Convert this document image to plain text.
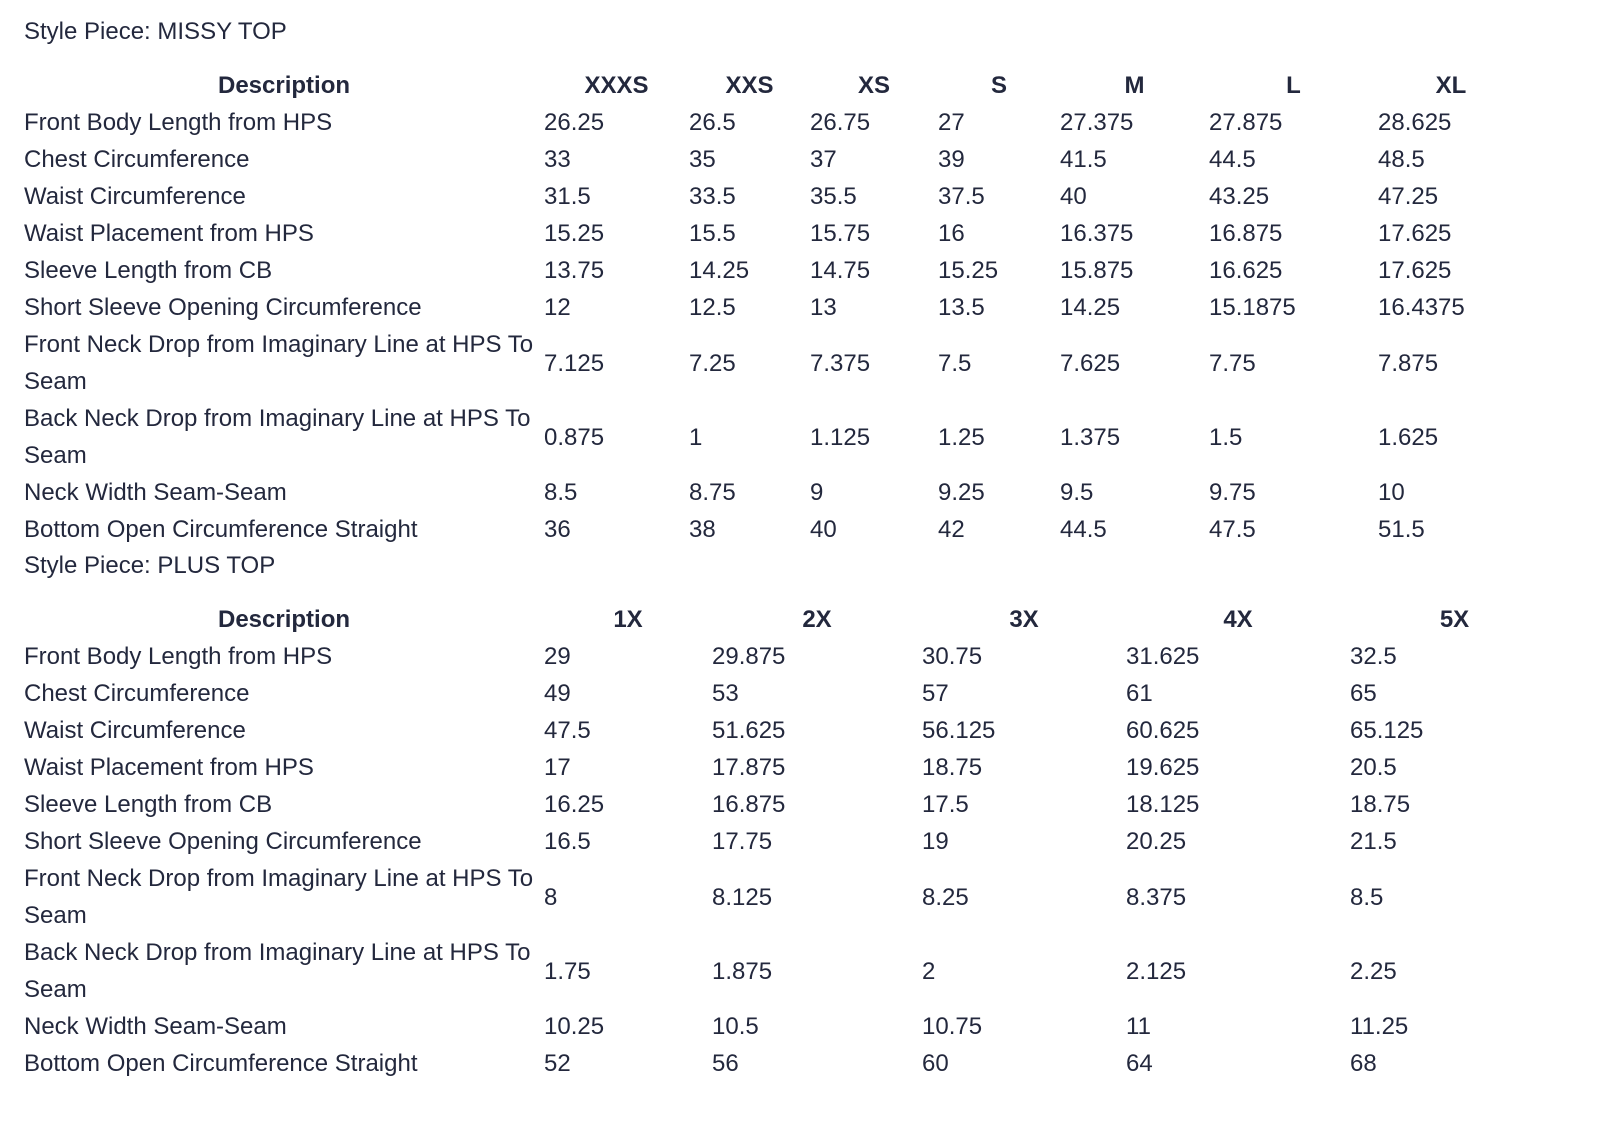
Style Piece: MISSY TOP
Description	XXXS	XXS	XS	S	M	L	XL
Front Body Length from HPS	26.25	26.5	26.75	27	27.375	27.875	28.625
Chest Circumference	33	35	37	39	41.5	44.5	48.5
Waist Circumference	31.5	33.5	35.5	37.5	40	43.25	47.25
Waist Placement from HPS	15.25	15.5	15.75	16	16.375	16.875	17.625
Sleeve Length from CB	13.75	14.25	14.75	15.25	15.875	16.625	17.625
Short Sleeve Opening Circumference	12	12.5	13	13.5	14.25	15.1875	16.4375
Front Neck Drop from Imaginary Line at HPS To Seam	7.125	7.25	7.375	7.5	7.625	7.75	7.875
Back Neck Drop from Imaginary Line at HPS To Seam	0.875	1	1.125	1.25	1.375	1.5	1.625
Neck Width Seam-Seam	8.5	8.75	9	9.25	9.5	9.75	10
Bottom Open Circumference Straight	36	38	40	42	44.5	47.5	51.5
Style Piece: PLUS TOP
Description	1X	2X	3X	4X	5X
Front Body Length from HPS	29	29.875	30.75	31.625	32.5
Chest Circumference	49	53	57	61	65
Waist Circumference	47.5	51.625	56.125	60.625	65.125
Waist Placement from HPS	17	17.875	18.75	19.625	20.5
Sleeve Length from CB	16.25	16.875	17.5	18.125	18.75
Short Sleeve Opening Circumference	16.5	17.75	19	20.25	21.5
Front Neck Drop from Imaginary Line at HPS To Seam	8	8.125	8.25	8.375	8.5
Back Neck Drop from Imaginary Line at HPS To Seam	1.75	1.875	2	2.125	2.25
Neck Width Seam-Seam	10.25	10.5	10.75	11	11.25
Bottom Open Circumference Straight	52	56	60	64	68
